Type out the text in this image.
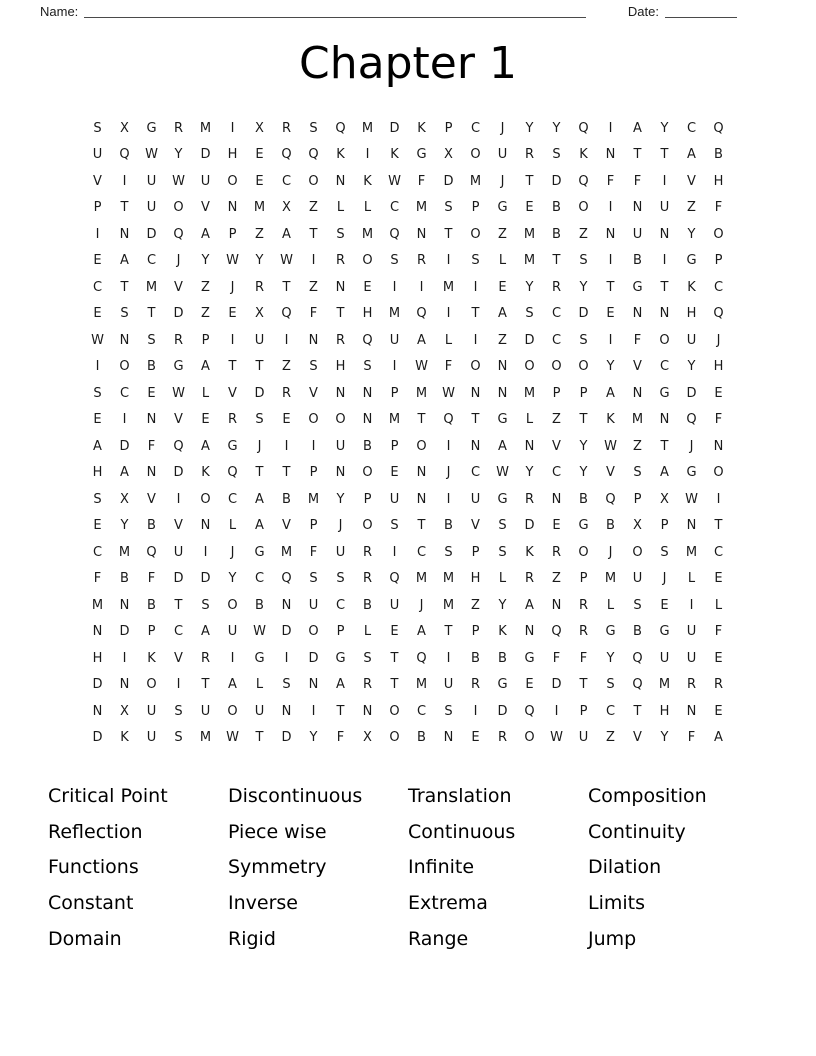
Name:	Date:
Chapter 1
S	X	G	R	M	I	X	R	S	Q	M	D	K	P	C	J	Y	Y	Q	I	A	Y	C	Q
U	Q	W	Y	D	H	E	Q	Q	K	I	K	G	X	O	U	R	S	K	N	T	T	A	B
V	I	U	W	U	O	E	C	O	N	K	W	F	D	M	J	T	D	Q	F	F	I	V	H
P	T	U	O	V	N	M	X	Z	L	L	C	M	S	P	G	E	B	O	I	N	U	Z	F
I	N	D	Q	A	P	Z	A	T	S	M	Q	N	T	O	Z	M	B	Z	N	U	N	Y	O
E	A	C	J	Y	W	Y	W	I	R	O	S	R	I	S	L	M	T	S	I	B	I	G	P
C	T	M	V	Z	J	R	T	Z	N	E	I	I	M	I	E	Y	R	Y	T	G	T	K	C
E	S	T	D	Z	E	X	Q	F	T	H	M	Q	I	T	A	S	C	D	E	N	N	H	Q
W	N	S	R	P	I	U	I	N	R	Q	U	A	L	I	Z	D	C	S	I	F	O	U	J
I	O	B	G	A	T	T	Z	S	H	S	I	W	F	O	N	O	O	O	Y	V	C	Y	H
S	C	E	W	L	V	D	R	V	N	N	P	M	W	N	N	M	P	P	A	N	G	D	E
E	I	N	V	E	R	S	E	O	O	N	M	T	Q	T	G	L	Z	T	K	M	N	Q	F
A	D	F	Q	A	G	J	I	I	U	B	P	O	I	N	A	N	V	Y	W	Z	T	J	N
H	A	N	D	K	Q	T	T	P	N	O	E	N	J	C	W	Y	C	Y	V	S	A	G	O
S	X	V	I	O	C	A	B	M	Y	P	U	N	I	U	G	R	N	B	Q	P	X	W	I
E	Y	B	V	N	L	A	V	P	J	O	S	T	B	V	S	D	E	G	B	X	P	N	T
C	M	Q	U	I	J	G	M	F	U	R	I	C	S	P	S	K	R	O	J	O	S	M	C
F	B	F	D	D	Y	C	Q	S	S	R	Q	M	M	H	L	R	Z	P	M	U	J	L	E
M	N	B	T	S	O	B	N	U	C	B	U	J	M	Z	Y	A	N	R	L	S	E	I	L
N	D	P	C	A	U	W	D	O	P	L	E	A	T	P	K	N	Q	R	G	B	G	U	F
H	I	K	V	R	I	G	I	D	G	S	T	Q	I	B	B	G	F	F	Y	Q	U	U	E
D	N	O	I	T	A	L	S	N	A	R	T	M	U	R	G	E	D	T	S	Q	M	R	R
N	X	U	S	U	O	U	N	I	T	N	O	C	S	I	D	Q	I	P	C	T	H	N	E
D	K	U	S	M	W	T	D	Y	F	X	O	B	N	E	R	O	W	U	Z	V	Y	F	A
Critical Point
Reflection
Functions
Constant
Domain
Discontinuous
Piece wise
Symmetry
Inverse
Rigid
Translation
Continuous
Infinite
Extrema
Range
Composition
Continuity
Dilation
Limits
Jump
